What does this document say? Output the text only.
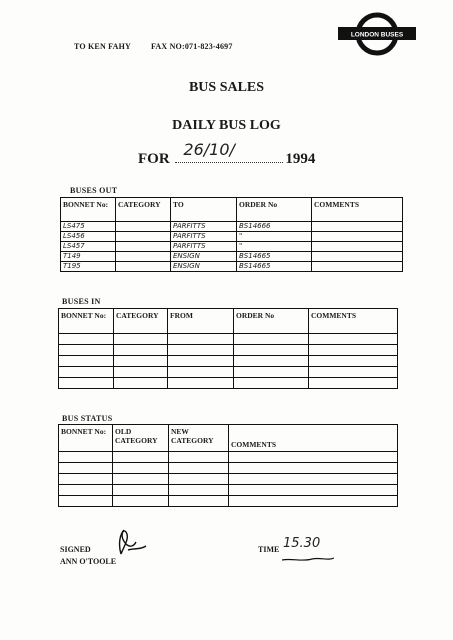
TO KEN FAHY	FAX NO:071-823-4697
LONDON BUSES
BUS SALES
DAILY BUS LOG
FOR 26/10/	1994
BUSES OUT
BONNET No:	CATEGORY	TO	ORDER No	COMMENTS
LS475		PARFITTS	BS14666	
LS456		PARFITTS	"	
LS457		PARFITTS	"	
T149		ENSIGN	BS14665	
T195		ENSIGN	BS14665	
BUSES IN
BONNET No:	CATEGORY	FROM	ORDER No	COMMENTS

BUS STATUS
BONNET No:	OLD CATEGORY	NEW CATEGORY	COMMENTS

SIGNED
ANN O'TOOLE
TIME 15.30
